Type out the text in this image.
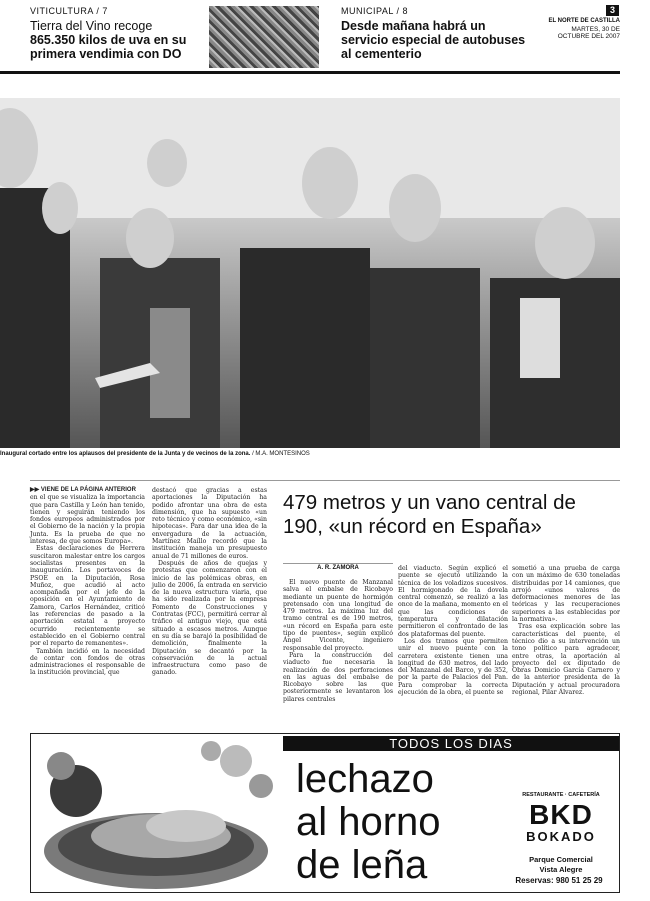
VITICULTURA / 7
Tierra del Vino recoge
865.350 kilos de uva en su
primera vendimia con DO
MUNICIPAL / 8
Desde mañana habrá un
servicio especial de autobuses
al cementerio
3
EL NORTE DE CASTILLA
MARTES, 30 DE
OCTUBRE DEL 2007
Inaugural cortado entre los aplausos del presidente de la Junta y de vecinos de la zona. / M.A. MONTESINOS
▶▶ VIENE DE LA PÁGINA ANTERIOR

en el que se visualiza la importancia que para Castilla y León han tenido, tienen y seguirán teniendo los fondos europeos administrados por el Gobierno de la nación y la propia Junta. Es la prueba de que no interesa, de que somos Europa».

Estas declaraciones de Herrera suscitaron malestar entre los cargos socialistas presentes en la inauguración. Los portavoces de PSOE en la Diputación, Rosa Muñoz, que acudió al acto acompañada por el jefe de la oposición en el Ayuntamiento de Zamora, Carlos Hernández, criticó las referencias de pasado a la aportación estatal a proyecto ocurrido recientemente se establecido en el Gobierno central por el reparto de remanentes».

También incidió en la necesidad de contar con fondos de otras administraciones el responsable de la institución provincial, que

destacó que gracias a estas aportaciones la Diputación ha podido afrontar una obra de esta dimensión, que ha supuesto «un reto técnico y como económico, «sin hipotecas». Para dar una idea de la envergadura de la actuación, Martínez Maíllo recordó que la institución maneja un presupuesto anual de 71 millones de euros.

Después de años de quejas y protestas que comenzaron con el inicio de las polémicas obras, en julio de 2006, la entrada en servicio de la nueva estructura viaria, que ha sido realizada por la empresa Fomento de Construcciones y Contratas (FCC), permitirá cerrar al tráfico el antiguo viejo, que está situado a escasos metros. Aunque en su día se barajó la posibilidad de demolición, finalmente la Diputación se decantó por la conservación de la actual infraestructura como paso de ganado.

479 metros y un vano central de
190, «un récord en España»
A. R. ZAMORA

El nuevo puente de Manzanal salva el embalse de Ricobayo mediante un puente de hormigón pretensado con una longitud de 479 metros. La máxima luz del tramo central es de 190 metros, «un récord en España para este tipo de puentes», según explicó Ángel Vicente, ingeniero responsable del proyecto.

Para la construcción del viaducto fue necesaria la realización de dos perforaciones en las aguas del embalse de Ricobayo sobre las que posteriormente se levantaron los pilares centrales

del viaducto. Según explicó el puente se ejecutó utilizando la técnica de los voladizos sucesivos. El hormigonado de la dovela central comenzó, se realizó a las once de la mañana, momento en el que las condiciones de temperatura y dilatación permitieron el confrontado de las dos plataformas del puente.

Los dos tramos que permiten unir el nuevo puente con la carretera existente tienen una longitud de 630 metros, del lado del Manzanal del Barco, y de 352, por la parte de Palacios del Pan. Para comprobar la correcta ejecución de la obra, el puente se

sometió a una prueba de carga con un máximo de 630 toneladas distribuidas por 14 camiones, que arrojó «unos valores de deformaciones menores de las teóricas y las recuperaciones superiores a las establecidas por la normativa».

Tras esa explicación sobre las características del puente, el técnico dio a su intervención un tono político para agradecer, entre otras, la aportación al proyecto del ex diputado de Obras Domicio García Carnero y de la anterior presidenta de la Diputación y actual procuradora regional, Pilar Álvarez.

TODOS LOS DIAS
lechazo
al horno
de leña
RESTAURANTE · CAFETERÍA
BKD
BOKADO
Parque Comercial
Vista Alegre
Reservas: 980 51 25 29
